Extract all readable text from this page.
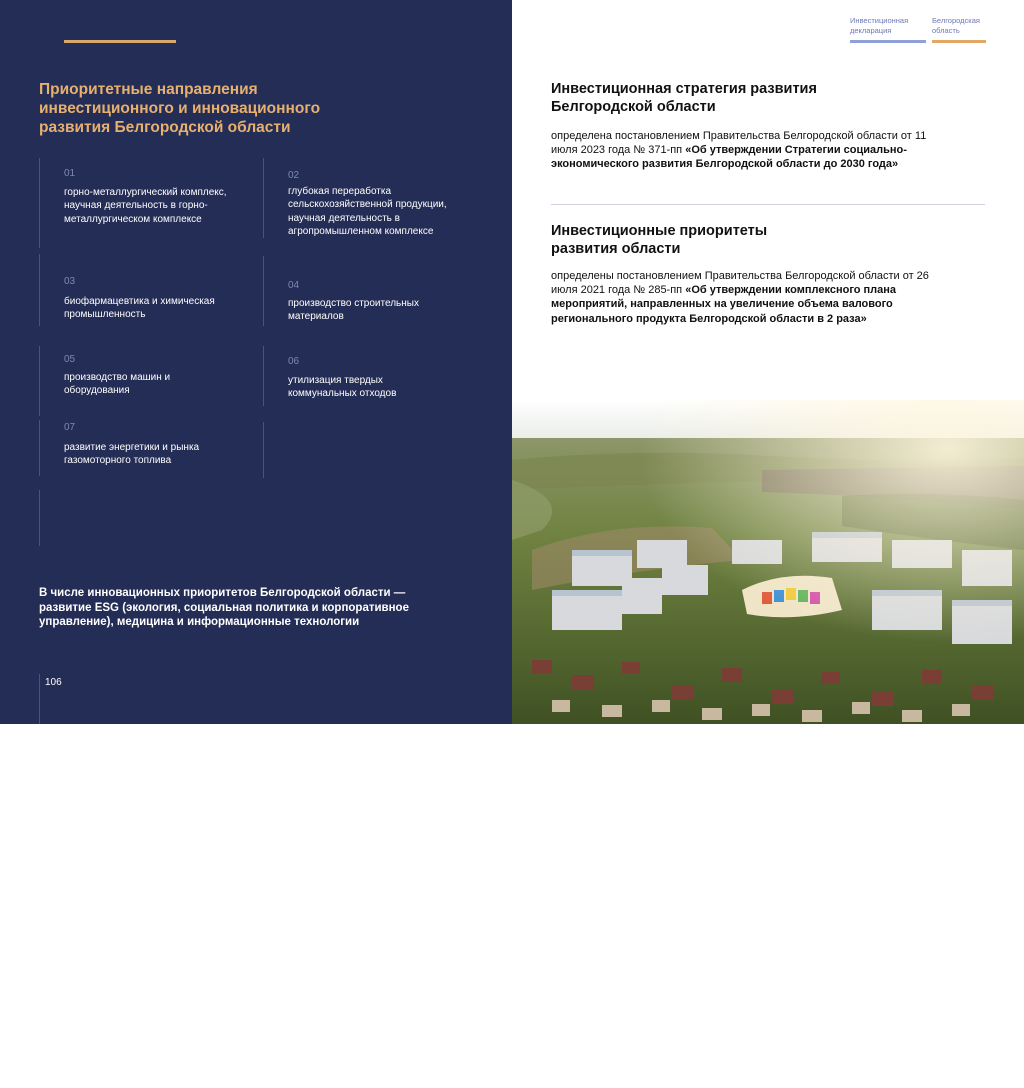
Приоритетные направления инвестиционного и инновационного развития Белгородской области
01
горно-металлургический комплекс, научная деятельность в горно-металлургическом комплексе
03
биофармацевтика и химическая промышленность
05
производство машин и оборудования
07
развитие энергетики и рынка газомоторного топлива
02
глубокая переработка сельскохозяйственной продукции, научная деятельность в агропромышленном комплексе
04
производство строительных материалов
06
утилизация твердых коммунальных отходов
В числе инновационных приоритетов Белгородской области — развитие ESG (экология, социальная политика и корпоративное управление), медицина и информационные технологии
106
Инвестиционная декларация
Белгородская область
Инвестиционная стратегия развития Белгородской области
определена постановлением Правительства Белгородской области от 11 июля 2023 года № 371-пп «Об утверждении Стратегии социально-экономического развития Белгородской области до 2030 года»
Инвестиционные приоритеты развития области
определены постановлением Правительства Белгородской области от 26 июля 2021 года № 285-пп «Об утверждении комплексного плана мероприятий, направленных на увеличение объема валового регионального продукта Белгородской области в 2 раза»
107
